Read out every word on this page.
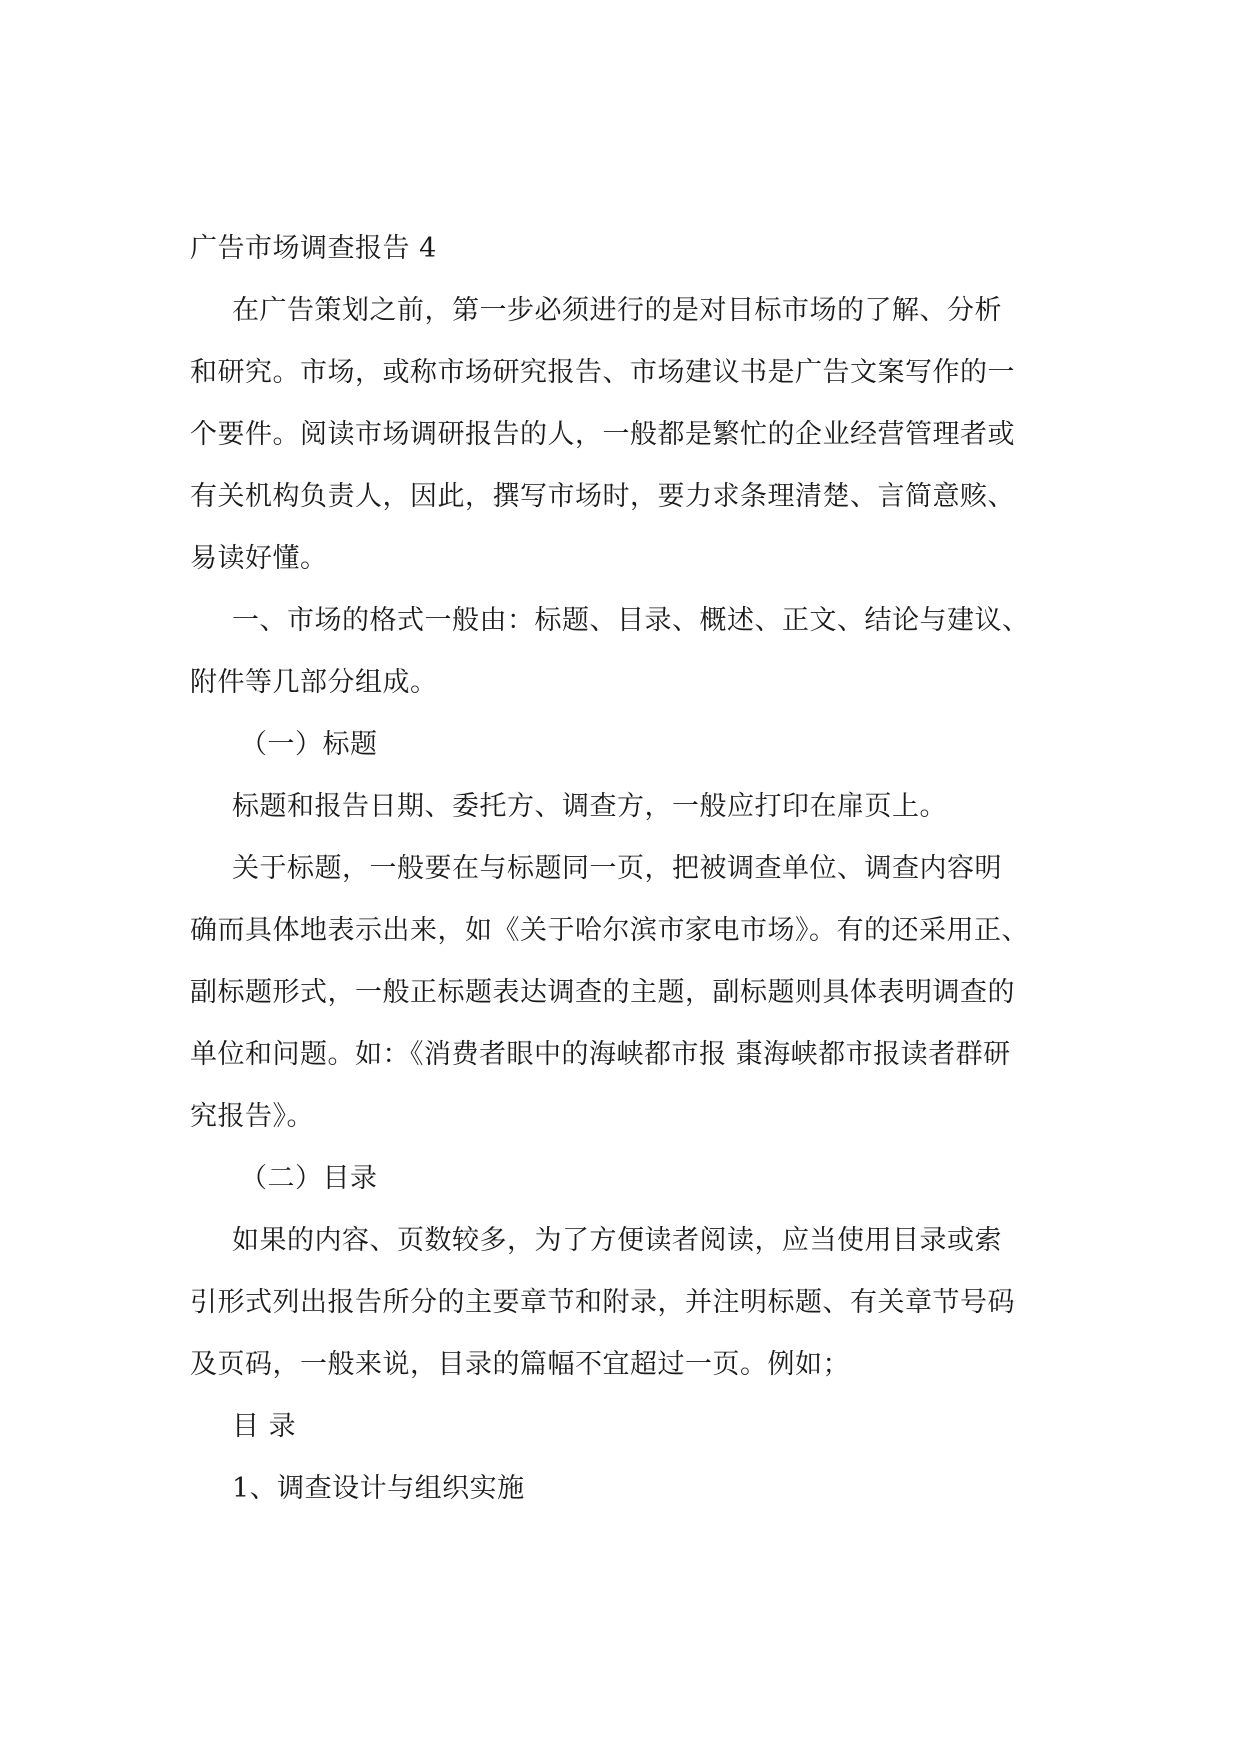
广告市场调查报告 4
在广告策划之前，第一步必须进行的是对目标市场的了解、分析
和研究。市场，或称市场研究报告、市场建议书是广告文案写作的一
个要件。阅读市场调研报告的人，一般都是繁忙的企业经营管理者或
有关机构负责人，因此，撰写市场时，要力求条理清楚、言简意赅、
易读好懂。
一、市场的格式一般由：标题、目录、概述、正文、结论与建议、
附件等几部分组成。
（一）标题
标题和报告日期、委托方、调查方，一般应打印在扉页上。
关于标题，一般要在与标题同一页，把被调查单位、调查内容明
确而具体地表示出来，如《关于哈尔滨市家电市场》。有的还采用正、
副标题形式，一般正标题表达调查的主题，副标题则具体表明调查的
单位和问题。如：《消费者眼中的海峡都市报 棗海峡都市报读者群研
究报告》。
（二）目录
如果的内容、页数较多，为了方便读者阅读，应当使用目录或索
引形式列出报告所分的主要章节和附录，并注明标题、有关章节号码
及页码，一般来说，目录的篇幅不宜超过一页。例如；
目 录
1、调查设计与组织实施
